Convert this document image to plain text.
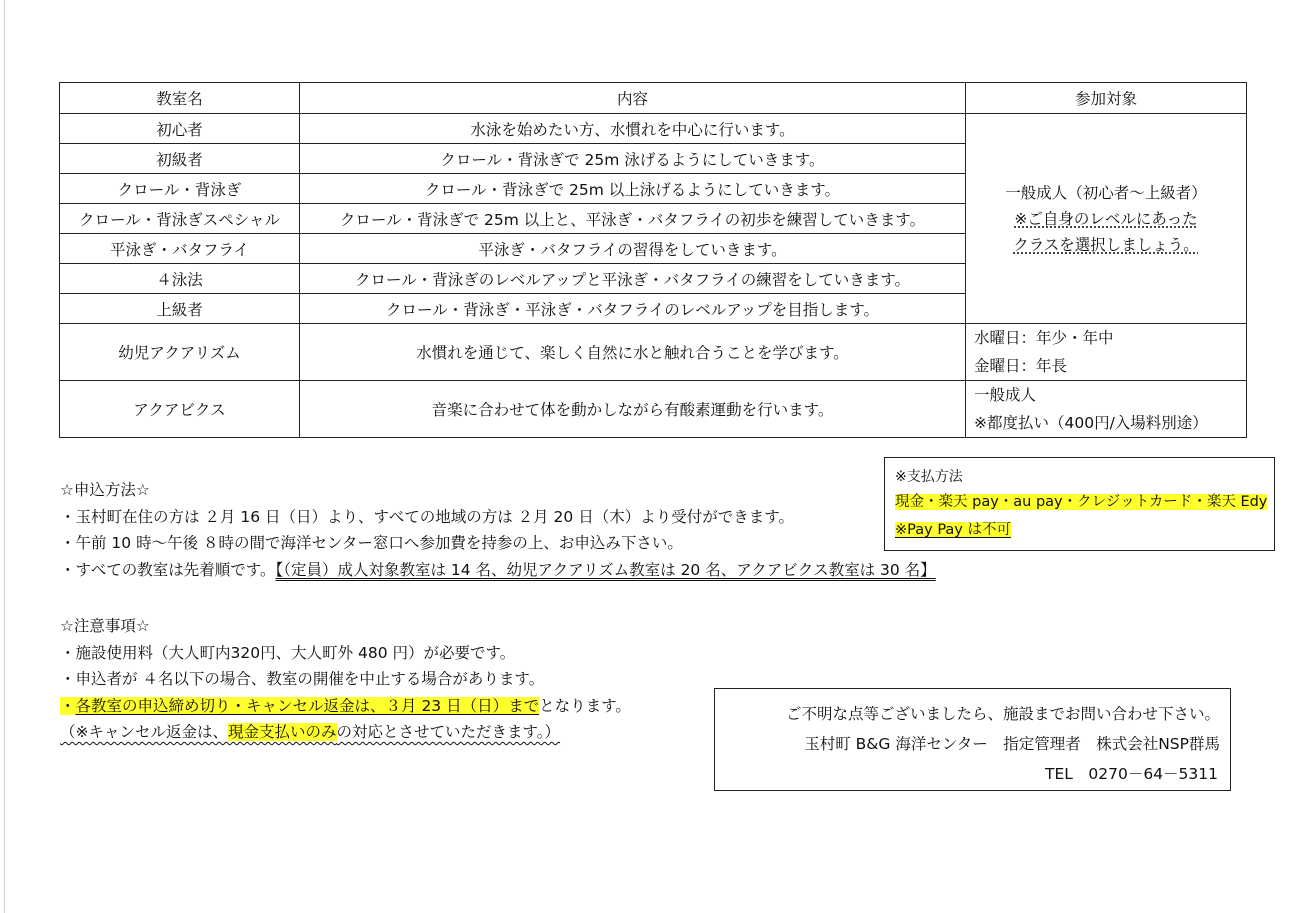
教室名	内容	参加対象
初心者	水泳を始めたい方、水慣れを中心に行います。	一般成人（初心者～上級者）
※ご自身のレベルにあった
クラスを選択しましょう。

初級者	クロール・背泳ぎで 25m 泳げるようにしていきます。	
クロール・背泳ぎ	クロール・背泳ぎで 25m 以上泳げるようにしていきます。	
クロール・背泳ぎスペシャル	クロール・背泳ぎで 25m 以上と、平泳ぎ・バタフライの初歩を練習していきます。	
平泳ぎ・バタフライ	平泳ぎ・バタフライの習得をしていきます。	
４泳法	クロール・背泳ぎのレベルアップと平泳ぎ・バタフライの練習をしていきます。	
上級者	クロール・背泳ぎ・平泳ぎ・バタフライのレベルアップを目指します。	
幼児アクアリズム	水慣れを通じて、楽しく自然に水と触れ合うことを学びます。	水曜日：年少・年中
金曜日：年長

アクアビクス	音楽に合わせて体を動かしながら有酸素運動を行います。	一般成人
※都度払い（400円/入場料別途）
☆申込方法☆
・玉村町在住の方は ２月 16 日（日）より、すべての地域の方は ２月 20 日（木）より受付ができます。
・午前 10 時～午後 ８時の間で海洋センター窓口へ参加費を持参の上、お申込み下さい。
・すべての教室は先着順です。【（定員）成人対象教室は 14 名、幼児アクアリズム教室は 20 名、アクアビクス教室は 30 名】
☆注意事項☆
・施設使用料（大人町内320円、大人町外 480 円）が必要です。
・申込者が ４名以下の場合、教室の開催を中止する場合があります。
・各教室の申込締め切り・キャンセル返金は、３月 23 日（日）までとなります。
（※キャンセル返金は、現金支払いのみの対応とさせていただきます。）
※支払方法
現金・楽天 pay・au pay・クレジットカード・楽天 Edy
※Pay Pay は不可
ご不明な点等ございましたら、施設までお問い合わせ下さい。
玉村町 B&G 海洋センター　指定管理者　株式会社NSP群馬
TEL　0270－64－5311
